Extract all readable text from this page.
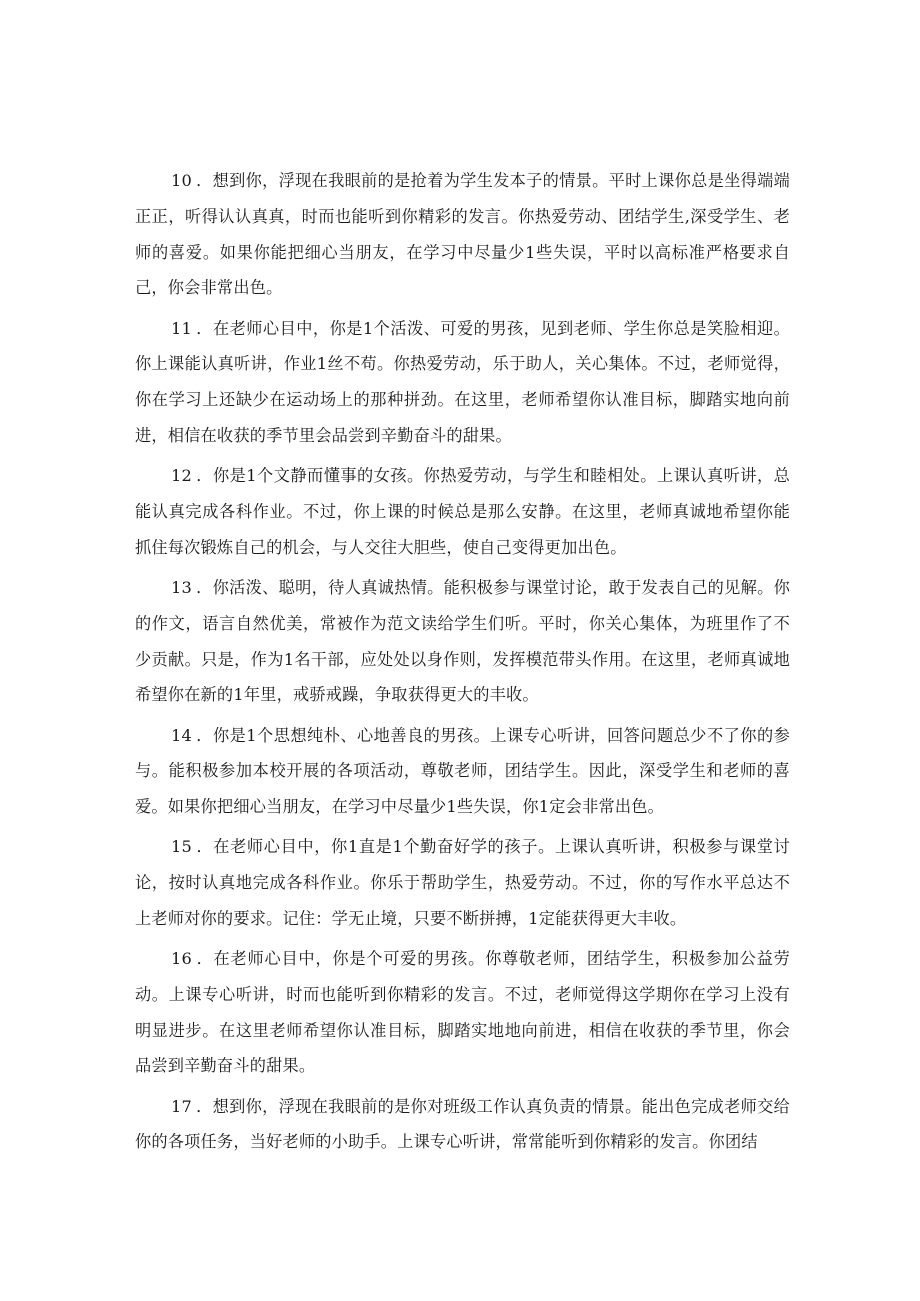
10 ．想到你，浮现在我眼前的是抢着为学生发本子的情景。平时上课你总是坐得端端正正，听得认认真真，时而也能听到你精彩的发言。你热爱劳动、团结学生,深受学生、老师的喜爱。如果你能把细心当朋友，在学习中尽量少1些失误，平时以高标准严格要求自己，你会非常出色。

11 ．在老师心目中，你是1个活泼、可爱的男孩，见到老师、学生你总是笑脸相迎。你上课能认真听讲，作业1丝不苟。你热爱劳动，乐于助人，关心集体。不过，老师觉得，你在学习上还缺少在运动场上的那种拼劲。在这里，老师希望你认准目标，脚踏实地向前进，相信在收获的季节里会品尝到辛勤奋斗的甜果。

12 ．你是1个文静而懂事的女孩。你热爱劳动，与学生和睦相处。上课认真听讲，总能认真完成各科作业。不过，你上课的时候总是那么安静。在这里，老师真诚地希望你能抓住每次锻炼自己的机会，与人交往大胆些，使自己变得更加出色。

13 ．你活泼、聪明，待人真诚热情。能积极参与课堂讨论，敢于发表自己的见解。你的作文，语言自然优美，常被作为范文读给学生们听。平时，你关心集体，为班里作了不少贡献。只是，作为1名干部，应处处以身作则，发挥模范带头作用。在这里，老师真诚地希望你在新的1年里，戒骄戒躁，争取获得更大的丰收。

14 ．你是1个思想纯朴、心地善良的男孩。上课专心听讲，回答问题总少不了你的参与。能积极参加本校开展的各项活动，尊敬老师，团结学生。因此，深受学生和老师的喜爱。如果你把细心当朋友，在学习中尽量少1些失误，你1定会非常出色。

15 ．在老师心目中，你1直是1个勤奋好学的孩子。上课认真听讲，积极参与课堂讨论，按时认真地完成各科作业。你乐于帮助学生，热爱劳动。不过，你的写作水平总达不上老师对你的要求。记住：学无止境，只要不断拼搏，1定能获得更大丰收。

16 ．在老师心目中，你是个可爱的男孩。你尊敬老师，团结学生，积极参加公益劳动。上课专心听讲，时而也能听到你精彩的发言。不过，老师觉得这学期你在学习上没有明显进步。在这里老师希望你认准目标，脚踏实地地向前进，相信在收获的季节里，你会品尝到辛勤奋斗的甜果。

17 ．想到你，浮现在我眼前的是你对班级工作认真负责的情景。能出色完成老师交给你的各项任务，当好老师的小助手。上课专心听讲，常常能听到你精彩的发言。你团结
